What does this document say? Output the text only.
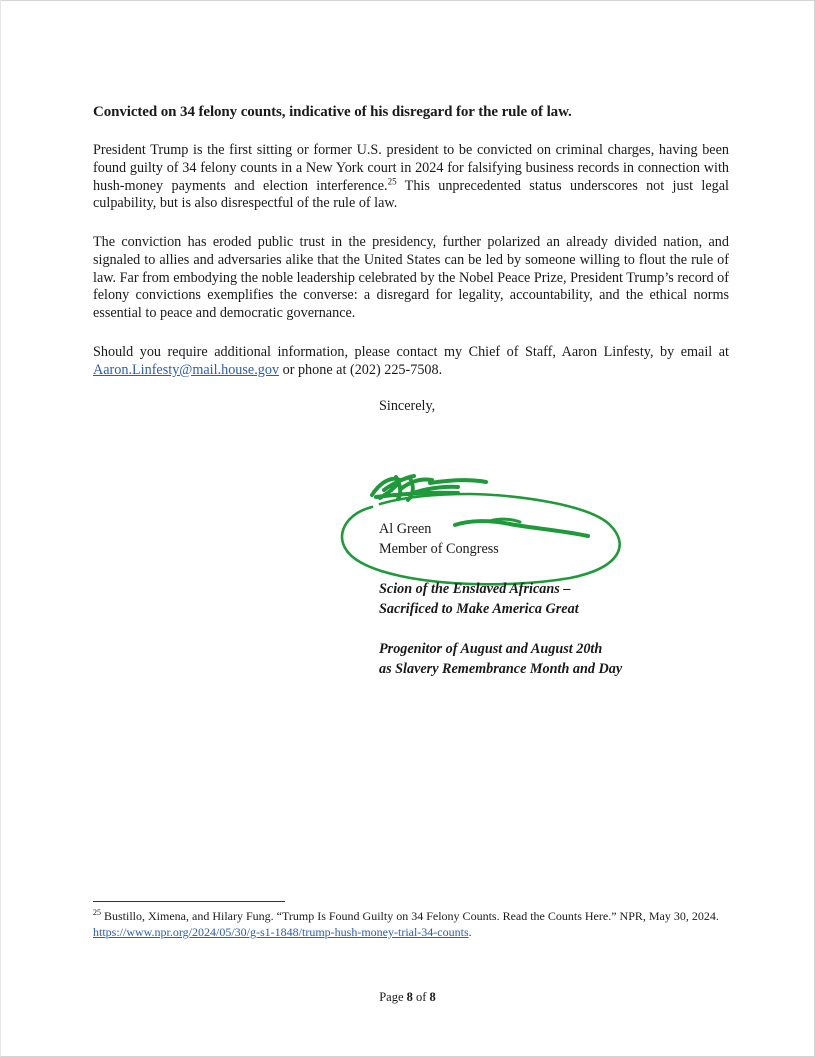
Convicted on 34 felony counts, indicative of his disregard for the rule of law.
President Trump is the first sitting or former U.S. president to be convicted on criminal charges, having been found guilty of 34 felony counts in a New York court in 2024 for falsifying business records in connection with hush-money payments and election interference.$^{25}$ This unprecedented status underscores not just legal culpability, but is also disrespectful of the rule of law.
The conviction has eroded public trust in the presidency, further polarized an already divided nation, and signaled to allies and adversaries alike that the United States can be led by someone willing to flout the rule of law. Far from embodying the noble leadership celebrated by the Nobel Peace Prize, President Trump’s record of felony convictions exemplifies the converse: a disregard for legality, accountability, and the ethical norms essential to peace and democratic governance.
Should you require additional information, please contact my Chief of Staff, Aaron Linfesty, by email at Aaron.Linfesty@mail.house.gov or phone at (202) 225-7508.
Sincerely,
Al Green
Member of Congress
Scion of the Enslaved Africans –
Sacrificed to Make America Great
Progenitor of August and August 20th
as Slavery Remembrance Month and Day
$^{25}$ Bustillo, Ximena, and Hilary Fung. “Trump Is Found Guilty on 34 Felony Counts. Read the Counts Here.” NPR, May 30, 2024. https://www.npr.org/2024/05/30/g-s1-1848/trump-hush-money-trial-34-counts.
Page 8 of 8
